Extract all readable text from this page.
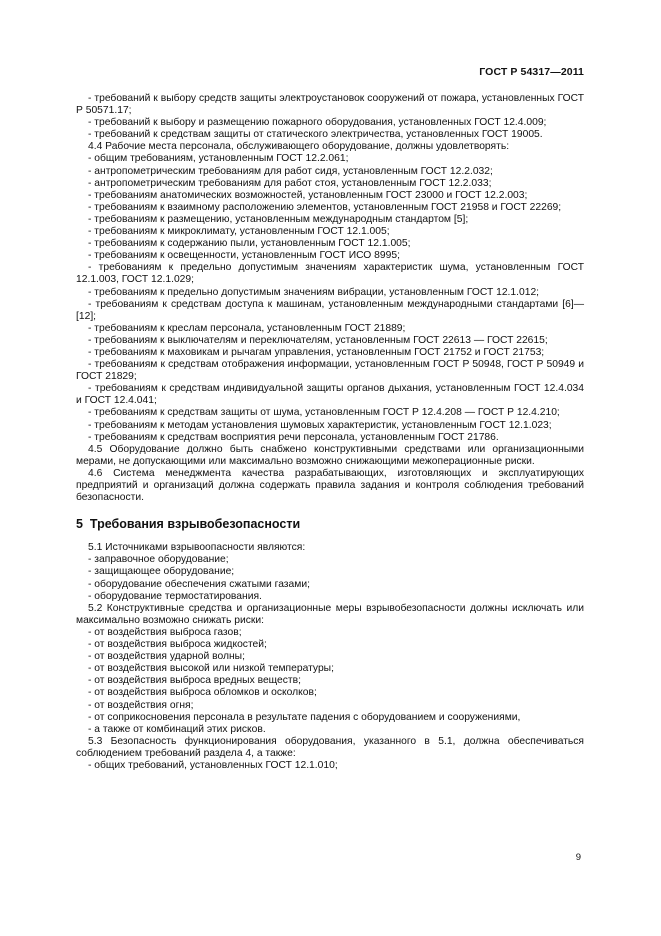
ГОСТ Р 54317—2011
- требований к выбору средств защиты электроустановок сооружений от пожара, установленных ГОСТ Р 50571.17;
- требований к выбору и размещению пожарного оборудования, установленных ГОСТ 12.4.009;
- требований к средствам защиты от статического электричества, установленных ГОСТ 19005.
4.4 Рабочие места персонала, обслуживающего оборудование, должны удовлетворять:
- общим требованиям, установленным ГОСТ 12.2.061;
- антропометрическим требованиям для работ сидя, установленным ГОСТ 12.2.032;
- антропометрическим требованиям для работ стоя, установленным ГОСТ 12.2.033;
- требованиям анатомических возможностей, установленным ГОСТ 23000 и ГОСТ 12.2.003;
- требованиям к взаимному расположению элементов, установленным ГОСТ 21958 и ГОСТ 22269;
- требованиям к размещению, установленным международным стандартом [5];
- требованиям к микроклимату, установленным ГОСТ 12.1.005;
- требованиям к содержанию пыли, установленным ГОСТ 12.1.005;
- требованиям к освещенности, установленным ГОСТ ИСО 8995;
- требованиям к предельно допустимым значениям характеристик шума, установленным ГОСТ 12.1.003, ГОСТ 12.1.029;
- требованиям к предельно допустимым значениям вибрации, установленным ГОСТ 12.1.012;
- требованиям к средствам доступа к машинам, установленным международными стандартами [6]—[12];
- требованиям к креслам персонала, установленным ГОСТ 21889;
- требованиям к выключателям и переключателям, установленным ГОСТ 22613 — ГОСТ 22615;
- требованиям к маховикам и рычагам управления, установленным ГОСТ 21752 и ГОСТ 21753;
- требованиям к средствам отображения информации, установленным ГОСТ Р 50948, ГОСТ Р 50949 и ГОСТ 21829;
- требованиям к средствам индивидуальной защиты органов дыхания, установленным ГОСТ 12.4.034 и ГОСТ 12.4.041;
- требованиям к средствам защиты от шума, установленным ГОСТ Р 12.4.208 — ГОСТ Р 12.4.210;
- требованиям к методам установления шумовых характеристик, установленным ГОСТ 12.1.023;
- требованиям к средствам восприятия речи персонала, установленным ГОСТ 21786.
4.5 Оборудование должно быть снабжено конструктивными средствами или организационными мерами, не допускающими или максимально возможно снижающими межоперационные риски.
4.6 Система менеджмента качества разрабатывающих, изготовляющих и эксплуатирующих предприятий и организаций должна содержать правила задания и контроля соблюдения требований безопасности.
5 Требования взрывобезопасности
5.1 Источниками взрывоопасности являются:
- заправочное оборудование;
- защищающее оборудование;
- оборудование обеспечения сжатыми газами;
- оборудование термостатирования.
5.2 Конструктивные средства и организационные меры взрывобезопасности должны исключать или максимально возможно снижать риски:
- от воздействия выброса газов;
- от воздействия выброса жидкостей;
- от воздействия ударной волны;
- от воздействия высокой или низкой температуры;
- от воздействия выброса вредных веществ;
- от воздействия выброса обломков и осколков;
- от воздействия огня;
- от соприкосновения персонала в результате падения с оборудованием и сооружениями,
- а также от комбинаций этих рисков.
5.3 Безопасность функционирования оборудования, указанного в 5.1, должна обеспечиваться соблюдением требований раздела 4, а также:
- общих требований, установленных ГОСТ 12.1.010;
9
